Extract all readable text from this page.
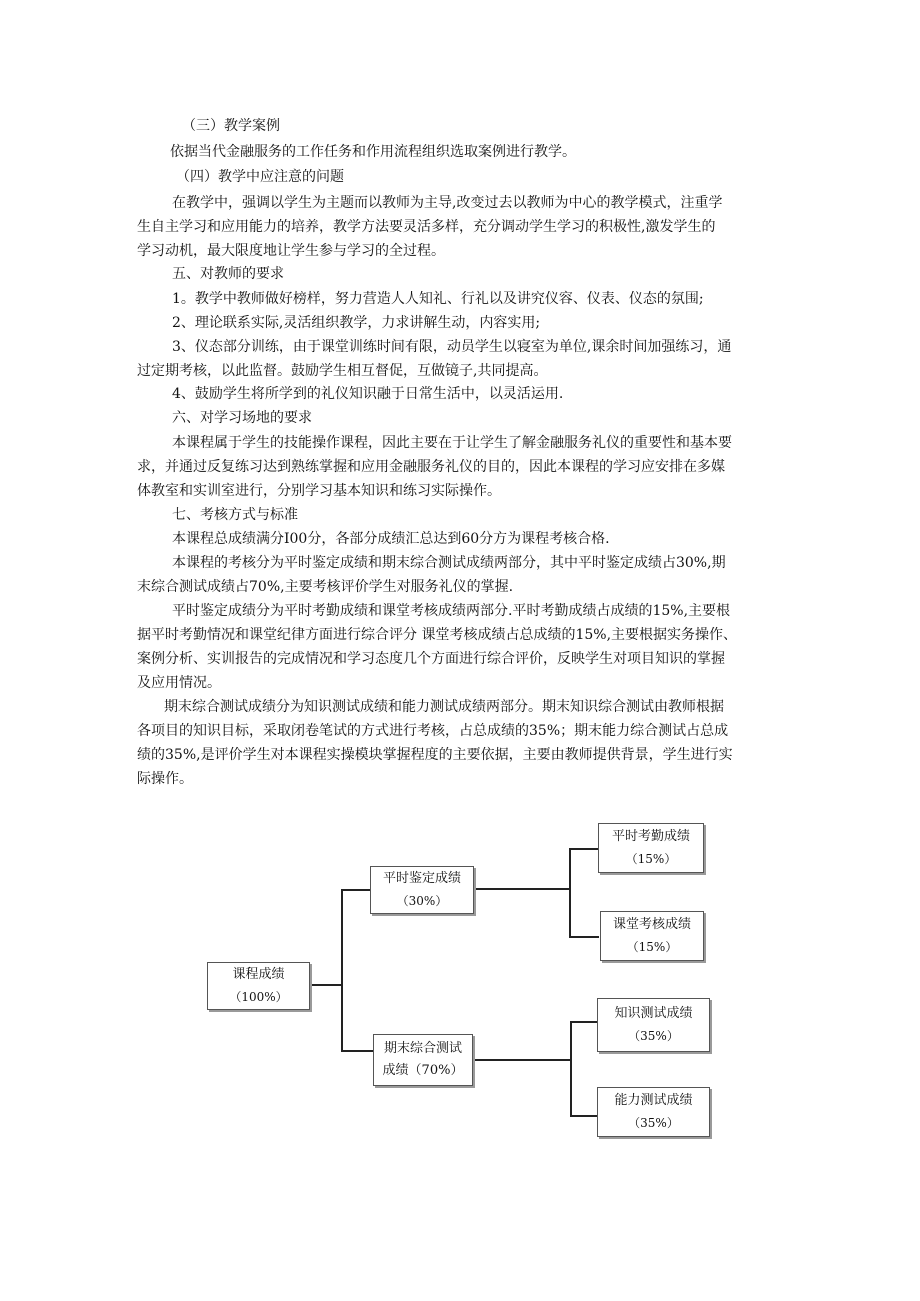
（三）教学案例
依据当代金融服务的工作任务和作用流程组织选取案例进行教学。
（四）教学中应注意的问题
在教学中，强调以学生为主题而以教师为主导,改变过去以教师为中心的教学模式，注重学
生自主学习和应用能力的培养，教学方法要灵活多样，充分调动学生学习的积极性,激发学生的
学习动机，最大限度地让学生参与学习的全过程。
五、对教师的要求
1。教学中教师做好榜样，努力营造人人知礼、行礼以及讲究仪容、仪表、仪态的氛围;
2、理论联系实际,灵活组织教学，力求讲解生动，内容实用;
3、仪态部分训练，由于课堂训练时间有限，动员学生以寝室为单位,课余时间加强练习，通
过定期考核，以此监督。鼓励学生相互督促，互做镜子,共同提高。
4、鼓励学生将所学到的礼仪知识融于日常生活中，以灵活运用.
六、对学习场地的要求
本课程属于学生的技能操作课程，因此主要在于让学生了解金融服务礼仪的重要性和基本要
求，并通过反复练习达到熟练掌握和应用金融服务礼仪的目的，因此本课程的学习应安排在多媒
体教室和实训室进行，分别学习基本知识和练习实际操作。
七、考核方式与标准
本课程总成绩满分I00分，各部分成绩汇总达到60分方为课程考核合格.
本课程的考核分为平时鉴定成绩和期末综合测试成绩两部分，其中平时鉴定成绩占30%,期
末综合测试成绩占70%,主要考核评价学生对服务礼仪的掌握.
平时鉴定成绩分为平时考勤成绩和课堂考核成绩两部分.平时考勤成绩占成绩的15%,主要根
据平时考勤情况和课堂纪律方面进行综合评分 课堂考核成绩占总成绩的15%,主要根据实务操作、
案例分析、实训报告的完成情况和学习态度几个方面进行综合评价，反映学生对项目知识的掌握
及应用情况。
期末综合测试成绩分为知识测试成绩和能力测试成绩两部分。期末知识综合测试由教师根据
各项目的知识目标，采取闭卷笔试的方式进行考核，占总成绩的35%；期末能力综合测试占总成
绩的35%,是评价学生对本课程实操模块掌握程度的主要依据，主要由教师提供背景，学生进行实
际操作。
课程成绩
（100%）
平时鉴定成绩
（30%）
期末综合测试
成绩（70%）
平时考勤成绩
（15%）
课堂考核成绩
（15%）
知识测试成绩
（35%）
能力测试成绩
（35%）
